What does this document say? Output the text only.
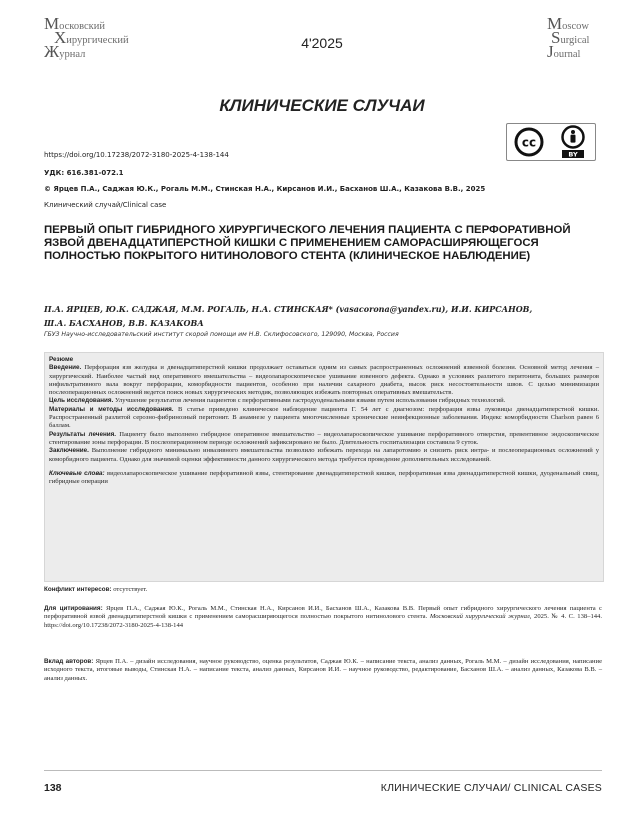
Московский
Хирургический
Журнал
4'2025
Moscow
Surgical
Journal
КЛИНИЧЕСКИЕ СЛУЧАИ
cc
BY
https://doi.org/10.17238/2072-3180-2025-4-138-144
УДК: 616.381-072.1
© Ярцев П.А., Саджая Ю.К., Рогаль М.М., Стинская Н.А., Кирсанов И.И., Басханов Ш.А., Казакова В.В., 2025
Клинический случай/Clinical case
ПЕРВЫЙ ОПЫТ ГИБРИДНОГО ХИРУРГИЧЕСКОГО ЛЕЧЕНИЯ ПАЦИЕНТА С ПЕРФОРАТИВНОЙ ЯЗВОЙ ДВЕНАДЦАТИПЕРСТНОЙ КИШКИ С ПРИМЕНЕНИЕМ САМОРАСШИРЯЮЩЕГОСЯ ПОЛНОСТЬЮ ПОКРЫТОГО НИТИНОЛОВОГО СТЕНТА (КЛИНИЧЕСКОЕ НАБЛЮДЕНИЕ)
П.А. ЯРЦЕВ, Ю.К. САДЖАЯ, М.М. РОГАЛЬ, Н.А. СТИНСКАЯ* (vasacorona@yandex.ru), И.И. КИРСАНОВ,
Ш.А. БАСХАНОВ, В.В. КАЗАКОВА
ГБУЗ Научно-исследовательский институт скорой помощи им Н.В. Склифосовского, 129090, Москва, Россия

Резюме

Введение. Перфорация язв желудка и двенадцатиперстной кишки продолжает оставаться одним из самых распространенных осложнений язвенной болезни. Основной метод лечения – хирургический. Наиболее частый вид оперативного вмешательства – видеолапароскопическое ушивание язвенного дефекта. Однако в условиях разлитого перитонита, больших размеров инфильтративного вала вокруг перфорации, коморбидности пациентов, особенно при наличии сахарного диабета, высок риск несостоятельности швов. С целью минимизации послеоперационных осложнений ведется поиск новых хирургических методик, позволяющих избежать повторных оперативных вмешательств.

Цель исследования. Улучшение результатов лечения пациентов с перфоративными гастродуоденальными язвами путем использования гибридных технологий.

Материалы и методы исследования. В статье приведено клиническое наблюдение пациента Г. 54 лет с диагнозом: перфорация язвы луковицы двенадцатиперстной кишки. Распространенный разлитой серозно-фибринозный перитонит. В анамнезе у пациента многочисленные хронические неинфекционные заболевания. Индекс коморбидности Charlson равен 6 баллам.

Результаты лечения. Пациенту было выполнено гибридное оперативное вмешательство – видеолапароскопическое ушивание перфоративного отверстия, превентивное эндоскопическое стентирование зоны перфорации. В послеоперационном периоде осложнений зафиксировано не было. Длительность госпитализации составила 9 суток.

Заключение. Выполнение гибридного минимально инвазивного вмешательства позволило избежать перехода на лапаротомию и снизить риск интра- и послеоперационных осложнений у коморбидного пациента. Однако для значимой оценки эффективности данного хирургического метода требуется проведение дополнительных исследований.

Ключевые слова: видеолапароскопическое ушивание перфоративной язвы, стентирование двенадцатиперстной кишки, перфоративная язва двенадцатиперстной кишки, дуоденальный свищ, гибридные операции

Конфликт интересов: отсутствует.
Для цитирования: Ярцев П.А., Саджая Ю.К., Рогаль М.М., Стинская Н.А., Кирсанов И.И., Басханов Ш.А., Казакова В.В. Первый опыт гибридного хирургического лечения пациента с перфоративной язвой двенадцатиперстной кишки с применением саморасширяющегося полностью покрытого нитинолового стента. Московский хирургический журнал, 2025. № 4. С. 138–144. https://doi.org/10.17238/2072-3180-2025-4-138-144
Вклад авторов: Ярцев П.А. – дизайн исследования, научное руководство, оценка результатов, Саджая Ю.К. – написание текста, анализ данных, Рогаль М.М. – дизайн исследования, написание исходного текста, итоговые выводы, Стинская Н.А. – написание текста, анализ данных, Кирсанов И.И. – научное руководство, редактирование, Басханов Ш.А. – анализ данных, Казакова В.В. – анализ данных.
138	КЛИНИЧЕСКИЕ СЛУЧАИ/ CLINICAL CASES
